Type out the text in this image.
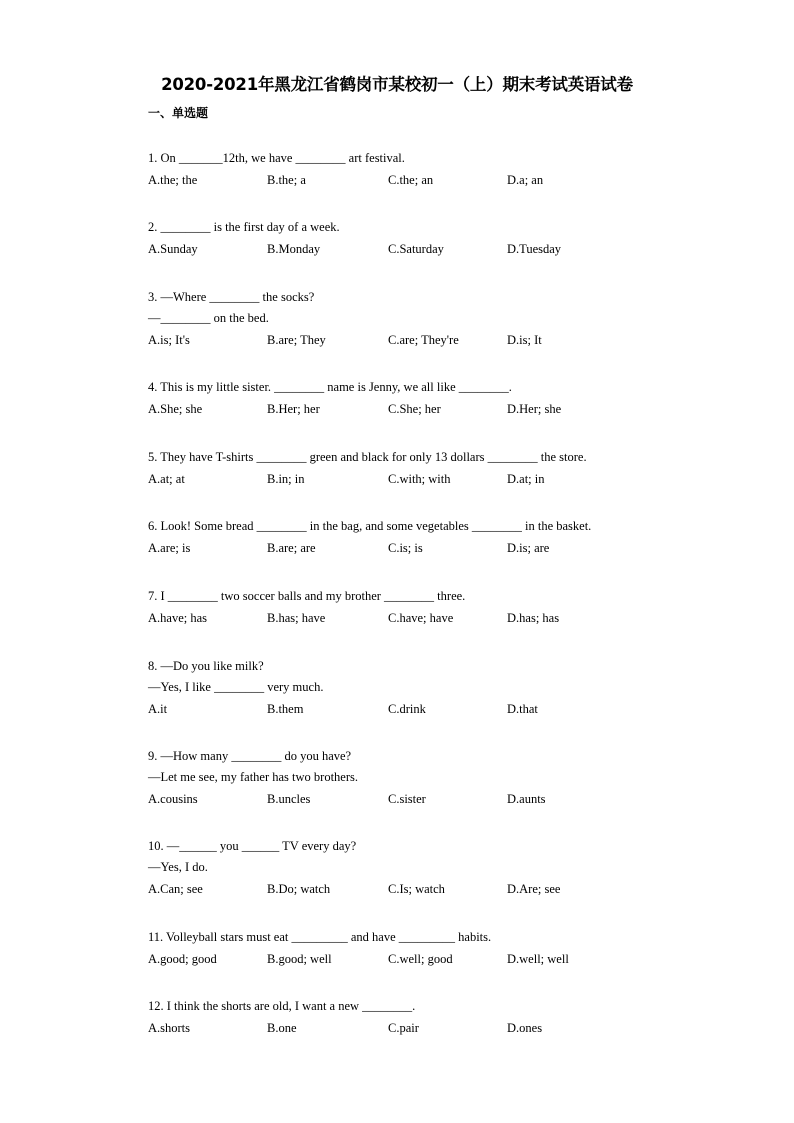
2020-2021年黑龙江省鹤岗市某校初一（上）期末考试英语试卷
一、单选题
1. On _______12th, we have ________ art festival.
A.the; the	B.the; a	C.the; an	D.a; an
2. ________ is the first day of a week.
A.Sunday	B.Monday	C.Saturday	D.Tuesday
3. —Where ________ the socks?
—________ on the bed.
A.is; It's	B.are; They	C.are; They're	D.is; It
4. This is my little sister. ________ name is Jenny, we all like ________.
A.She; she	B.Her; her	C.She; her	D.Her; she
5. They have T-shirts ________ green and black for only 13 dollars ________ the store.
A.at; at	B.in; in	C.with; with	D.at; in
6. Look! Some bread ________ in the bag, and some vegetables ________ in the basket.
A.are; is	B.are; are	C.is; is	D.is; are
7. I ________ two soccer balls and my brother ________ three.
A.have; has	B.has; have	C.have; have	D.has; has
8. —Do you like milk?
—Yes, I like ________ very much.
A.it	B.them	C.drink	D.that
9. —How many ________ do you have?
—Let me see, my father has two brothers.
A.cousins	B.uncles	C.sister	D.aunts
10. —______ you ______ TV every day?
—Yes, I do.
A.Can; see	B.Do; watch	C.Is; watch	D.Are; see
11. Volleyball stars must eat _________ and have _________ habits.
A.good; good	B.good; well	C.well; good	D.well; well
12. I think the shorts are old, I want a new ________.
A.shorts	B.one	C.pair	D.ones
